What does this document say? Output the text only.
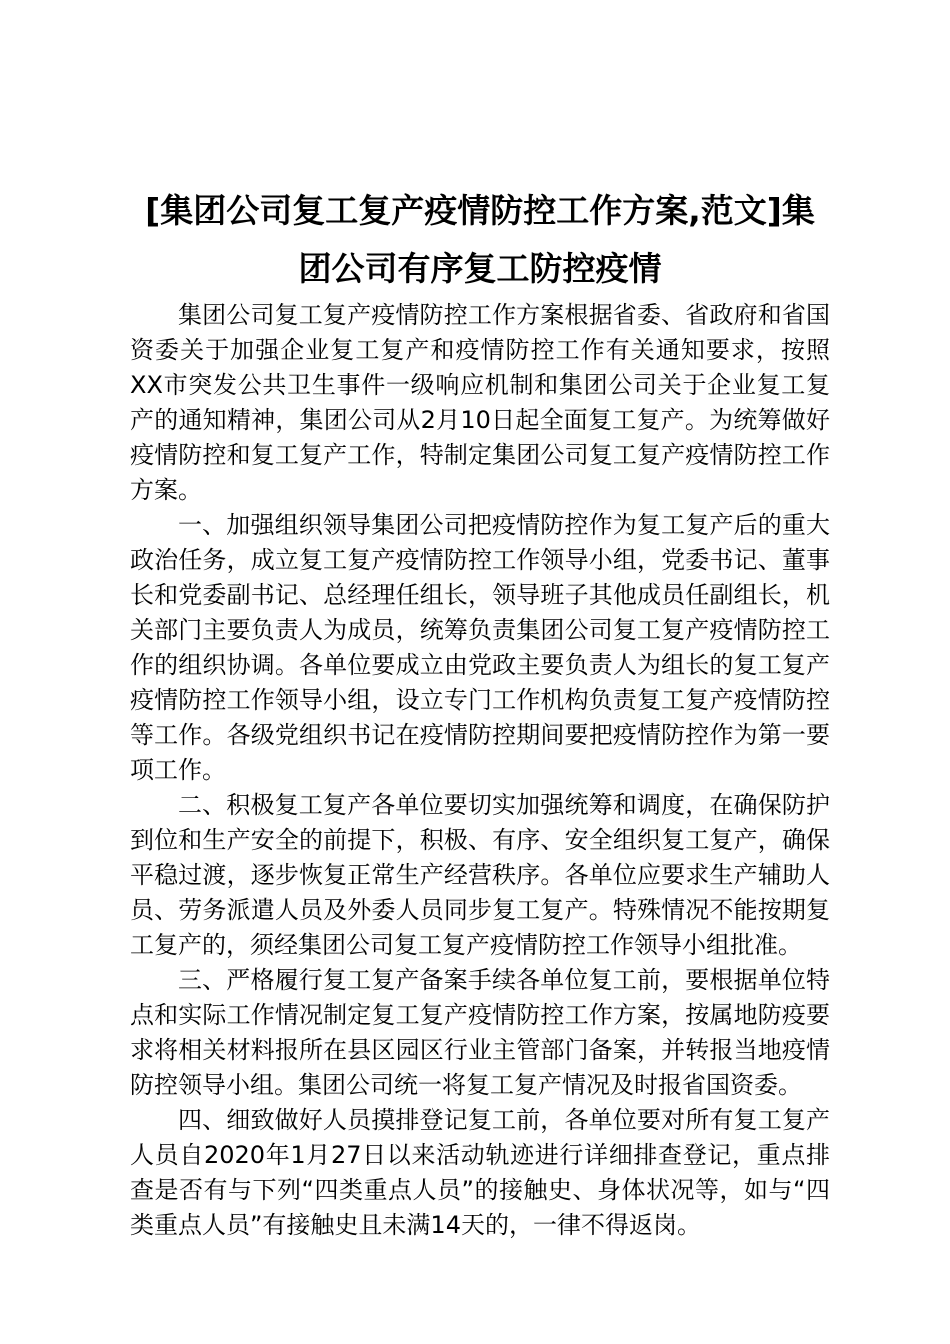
[集团公司复工复产疫情防控工作方案,范文]集
团公司有序复工防控疫情

集团公司复工复产疫情防控工作方案根据省委、省政府和省国资委关于加强企业复工复产和疫情防控工作有关通知要求，按照XX市突发公共卫生事件一级响应机制和集团公司关于企业复工复产的通知精神，集团公司从2月10日起全面复工复产。为统筹做好疫情防控和复工复产工作，特制定集团公司复工复产疫情防控工作方案。

一、加强组织领导集团公司把疫情防控作为复工复产后的重大政治任务，成立复工复产疫情防控工作领导小组，党委书记、董事长和党委副书记、总经理任组长，领导班子其他成员任副组长，机关部门主要负责人为成员，统筹负责集团公司复工复产疫情防控工作的组织协调。各单位要成立由党政主要负责人为组长的复工复产疫情防控工作领导小组，设立专门工作机构负责复工复产疫情防控等工作。各级党组织书记在疫情防控期间要把疫情防控作为第一要项工作。

二、积极复工复产各单位要切实加强统筹和调度，在确保防护到位和生产安全的前提下，积极、有序、安全组织复工复产，确保平稳过渡，逐步恢复正常生产经营秩序。各单位应要求生产辅助人员、劳务派遣人员及外委人员同步复工复产。特殊情况不能按期复工复产的，须经集团公司复工复产疫情防控工作领导小组批准。

三、严格履行复工复产备案手续各单位复工前，要根据单位特点和实际工作情况制定复工复产疫情防控工作方案，按属地防疫要求将相关材料报所在县区园区行业主管部门备案，并转报当地疫情防控领导小组。集团公司统一将复工复产情况及时报省国资委。

四、细致做好人员摸排登记复工前，各单位要对所有复工复产人员自2020年1月27日以来活动轨迹进行详细排查登记，重点排查是否有与下列“四类重点人员”的接触史、身体状况等，如与“四类重点人员”有接触史且未满14天的，一律不得返岗。
